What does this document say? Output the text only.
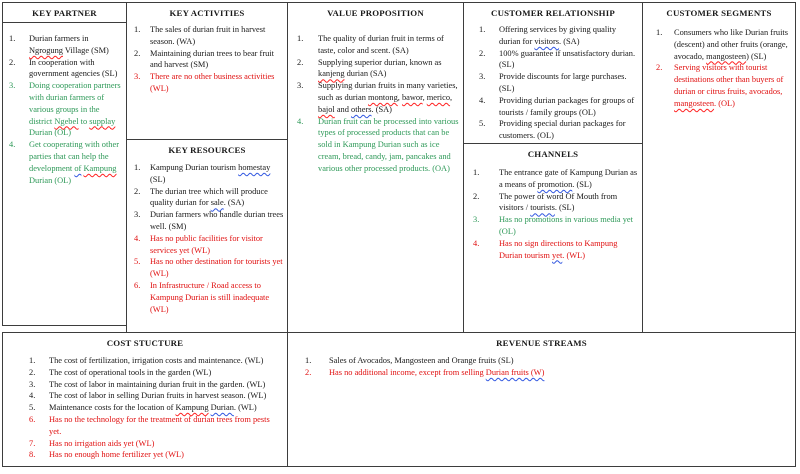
KEY PARTNER
1.	Durian farmers in Ngrogung Village (SM)
2.	In cooperation with government agencies (SL)
3.	Doing cooperation partners with durian farmers of various groups in the district Ngebel to supplay Durian (OL)
4.	Get cooperating with other parties that can help the development of Kampung Durian (OL)
KEY ACTIVITIES
1.	The sales of durian fruit in harvest season. (WA)
2.	Maintaining durian trees to bear fruit and harvest (SM)
3.	There are no other business activities (WL)
KEY RESOURCES
1.	Kampung Durian tourism homestay (SL)
2.	The durian tree which will produce quality durian for sale. (SA)
3.	Durian farmers who handle durian trees well. (SM)
4.	Has no public facilities for visitor services yet (WL)
5.	Has no other destination for tourists yet (WL)
6.	In Infrastructure / Road access to Kampung Durian is still inadequate (WL)
VALUE PROPOSITION
1.	The quality of durian fruit in terms of taste, color and scent. (SA)
2.	Supplying superior durian, known as kanjeng durian (SA)
3.	Supplying durian fruits in many varieties, such as durian montong, bawor, merico, bajol and others. (SA)
4.	Durian fruit can be processed into various types of processed products that can be sold in Kampung Durian such as ice cream, bread, candy, jam, pancakes and various other processed products. (OA)
CUSTOMER RELATIONSHIP
1.	Offering services by giving quality durian for visitors. (SA)
2.	100% guarantee if unsatisfactory durian. (SL)
3.	Provide discounts for large purchases. (SL)
4.	Providing durian packages for groups of tourists / family groups (OL)
5.	Providing special durian packages for customers. (OL)
CHANNELS
1.	The entrance gate of Kampung Durian as a means of promotion. (SL)
2.	The power of word Of Mouth from visitors / tourists. (SL)
3.	Has no promotions in various media yet (OL)
4.	Has no sign directions to Kampung Durian tourism yet. (WL)
CUSTOMER SEGMENTS
1.	Consumers who like Durian fruits (descent) and other fruits (orange, avocado, mangosteen) (SL)
2.	Serving visitors with tourist destinations other than buyers of durian or citrus fruits, avocados, mangosteen. (OL)
COST STUCTURE
1.	The cost of fertilization, irrigation costs and maintenance. (WL)
2.	The cost of operational tools in the garden (WL)
3.	The cost of labor in maintaining durian fruit in the garden. (WL)
4.	The cost of labor in selling Durian fruits in harvest season. (WL)
5.	Maintenance costs for the location of Kampung Durian. (WL)
6.	Has no the technology for the treatment of durian trees from pests yet.
7.	Has no irrigation aids yet (WL)
8.	Has no enough home fertilizer yet (WL)
REVENUE STREAMS
1.	Sales of Avocados, Mangosteen and Orange fruits (SL)
2.	Has no additional income, except from selling Durian fruits (W)
